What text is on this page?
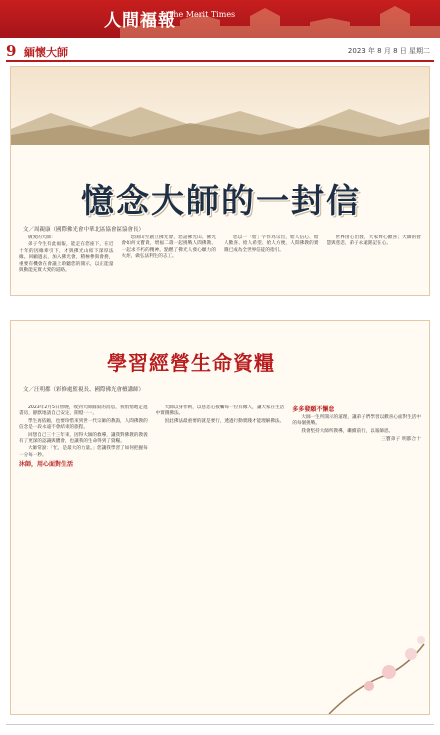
人間福報
The Merit Times
9 緬懷大師	2023 年 8 月 8 日 星期二
憶念大師的一封信
文／周親康（國際佛光會中華北區協會區協會長）

敬愛的大師：

弟子今生有此福報，能走在您座下，在近十年的因緣牽引下，才與佛光山結下深厚法緣。回顧過去，加入佛光會，積極參與會務，重要有機會在會議上聆聽您的開示，以正能量與動能充實大愛的道路。

您開山至創立佛光會，您話佛光山、佛光會如何文寶貴，增福二壽一起挑戰人間佛教，一起求不朽的精神。點燃了佛光人發心願力的火炬，做弘法利生的志工。

您以一「給」字作為宗旨，給人信心、給人歡喜、給人希望、給人方便，人間佛教的實踐已成為全世界信徒的指引。

世界由心出發，大家齊心歡喜；大師的智慧與慈悲，弟子永遠銘記在心。

學習經營生命資糧
文／汪明都（彩修處監視長、國際佛光會檀講師）

2023年2月5日傍晚，收到大師圓寂的消息，我悄悄地走進書房，靜默地請自己安定，開燈一一。

學生再依賴，也要珍惜來到世一代宗師的教誨，人間佛教的信念是一段永遠不會結束的旅程。

回想自己三十三年來，因得大師的救導，讓我對佛教的教義有了更深的認識與體會，也讓我的生命得到了資糧。

大師常說：「忙，是最大的力量。」您讓我學習了如何把握每一分每一秒。

沐師，用心面對生活

大師以身作則，以慈悲心接觸每一位有緣人，讓大家在生活中實踐佛法。

因此佛法最重要的就是要行，透過行動實踐才能理解佛法。

多多發願不懈怠

大師一生所開示的道理，讓弟子們學習以歡喜心面對生活中的每個挑戰。

我會堅持大師所教導，繼續前行，以報師恩。

三寶弟子 明都合十
